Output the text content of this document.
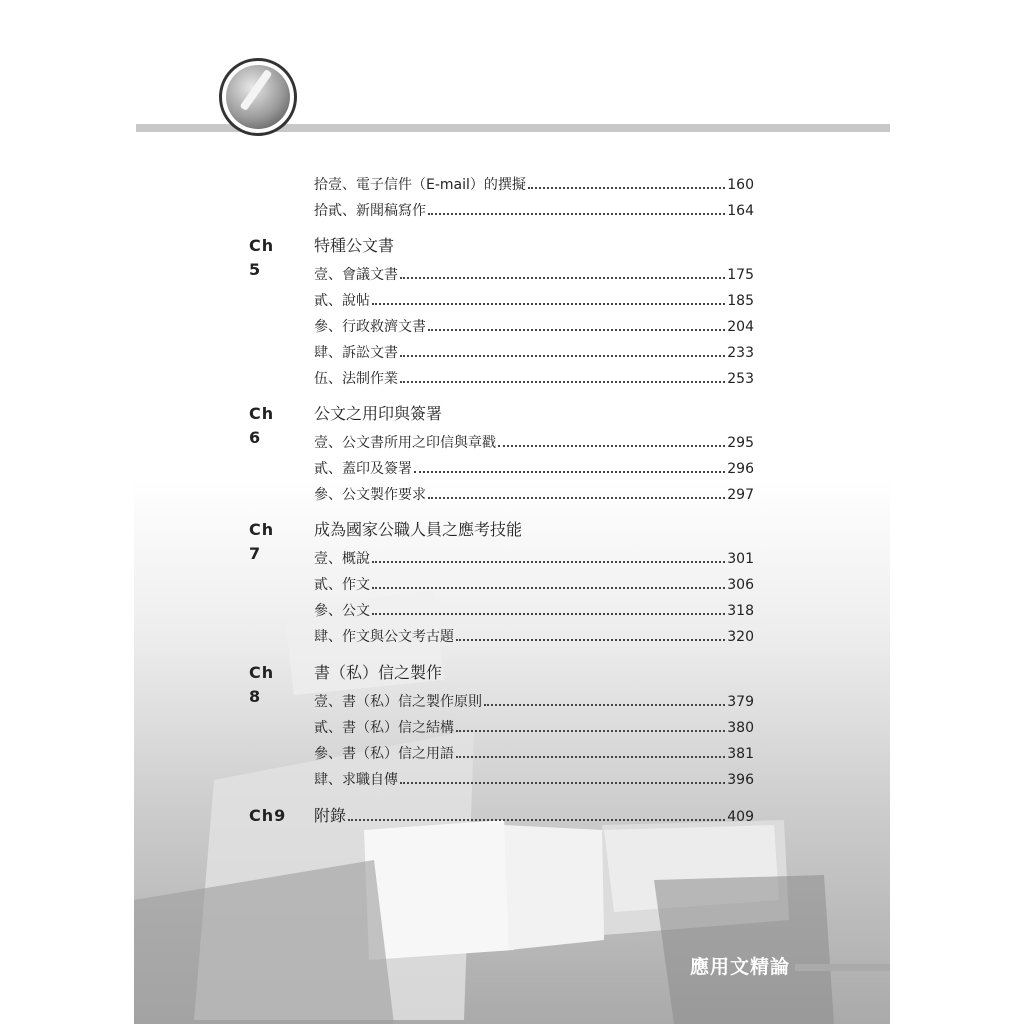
拾壹、電子信件（E-mail）的撰擬	160
拾貳、新聞稿寫作	164
Ch 5
特種公文書
壹、會議文書	175
貳、說帖	185
參、行政救濟文書	204
肆、訴訟文書	233
伍、法制作業	253
Ch 6
公文之用印與簽署
壹、公文書所用之印信與章戳	295
貳、蓋印及簽署	296
參、公文製作要求	297
Ch 7
成為國家公職人員之應考技能
壹、概說	301
貳、作文	306
參、公文	318
肆、作文與公文考古題	320
Ch 8
書（私）信之製作
壹、書（私）信之製作原則	379
貳、書（私）信之結構	380
參、書（私）信之用語	381
肆、求職自傳	396
Ch9 附錄	409
應用文精論
